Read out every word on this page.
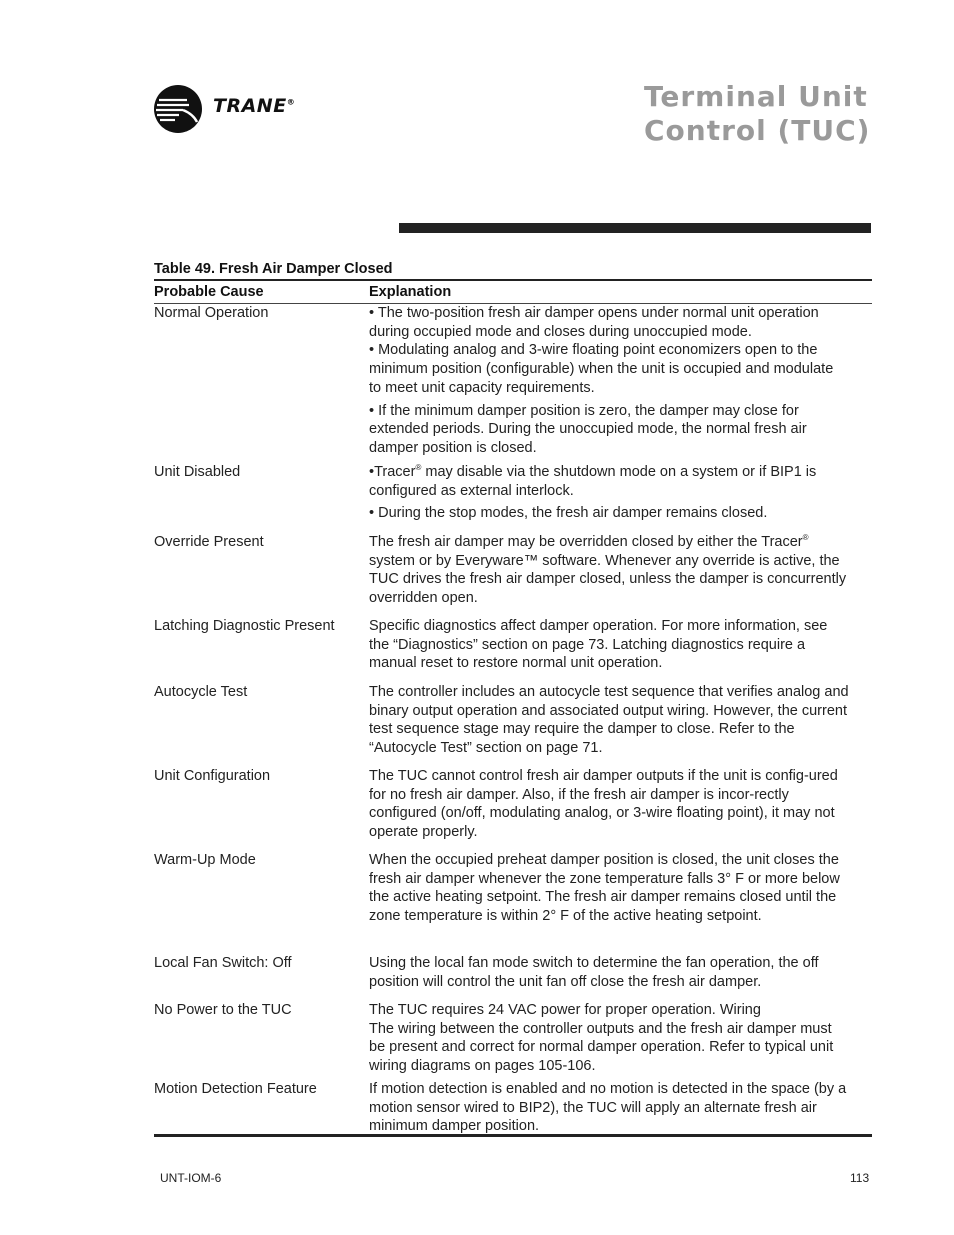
TRANE®	Terminal Unit
Control (TUC)
Table 49. Fresh Air Damper Closed
Probable Cause	Explanation
Normal Operation	• The two-position fresh air damper opens under normal unit operation during occupied mode and closes during unoccupied mode.
• Modulating analog and 3-wire floating point economizers open to the minimum position (configurable) when the unit is occupied and modulate to meet unit capacity requirements.

• If the minimum damper position is zero, the damper may close for extended periods. During the unoccupied mode, the normal fresh air damper position is closed.

Unit Disabled	•Tracer® may disable via the shutdown mode on a system or if BIP1 is configured as external interlock.

• During the stop modes, the fresh air damper remains closed.

Override Present	The fresh air damper may be overridden closed by either the Tracer® system or by Everyware™ software. Whenever any override is active, the TUC drives the fresh air damper closed, unless the damper is concurrently overridden open.

Latching Diagnostic Present	Specific diagnostics affect damper operation. For more information, see the “Diagnostics” section on page 73. Latching diagnostics require a manual reset to restore normal unit operation.

Autocycle Test	The controller includes an autocycle test sequence that verifies analog and binary output operation and associated output wiring. However, the current test sequence stage may require the damper to close. Refer to the “Autocycle Test” section on page 71.

Unit Configuration	The TUC cannot control fresh air damper outputs if the unit is config-ured for no fresh air damper. Also, if the fresh air damper is incor-rectly configured (on/off, modulating analog, or 3-wire floating point), it may not operate properly.

Warm-Up Mode	When the occupied preheat damper position is closed, the unit closes the fresh air damper whenever the zone temperature falls 3° F or more below the active heating setpoint. The fresh air damper remains closed until the zone temperature is within 2° F of the active heating setpoint.

Local Fan Switch: Off	Using the local fan mode switch to determine the fan operation, the off position will control the unit fan off close the fresh air damper.

No Power to the TUC	The TUC requires 24 VAC power for proper operation. Wiring
The wiring between the controller outputs and the fresh air damper must be present and correct for normal damper operation. Refer to typical unit wiring diagrams on pages 105-106.

Motion Detection Feature	If motion detection is enabled and no motion is detected in the space (by a motion sensor wired to BIP2), the TUC will apply an alternate fresh air minimum damper position.

UNT-IOM-6	113
